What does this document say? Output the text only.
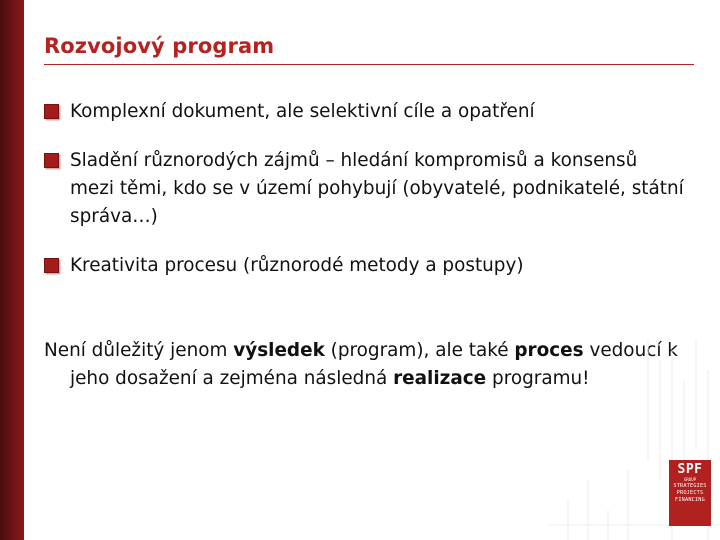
Rozvojový program
Komplexní dokument, ale selektivní cíle a opatření
Sladění různorodých zájmů – hledání kompromisů a konsensů mezi těmi, kdo se v území pohybují (obyvatelé, podnikatelé, státní správa…)
Kreativita procesu (různorodé metody a postupy)
Není důležitý jenom výsledek (program), ale také proces vedoucí k jeho dosažení a zejména následná realizace programu!
SPF
GROUP
STRATEGIES
PROJECTS
FINANCING
